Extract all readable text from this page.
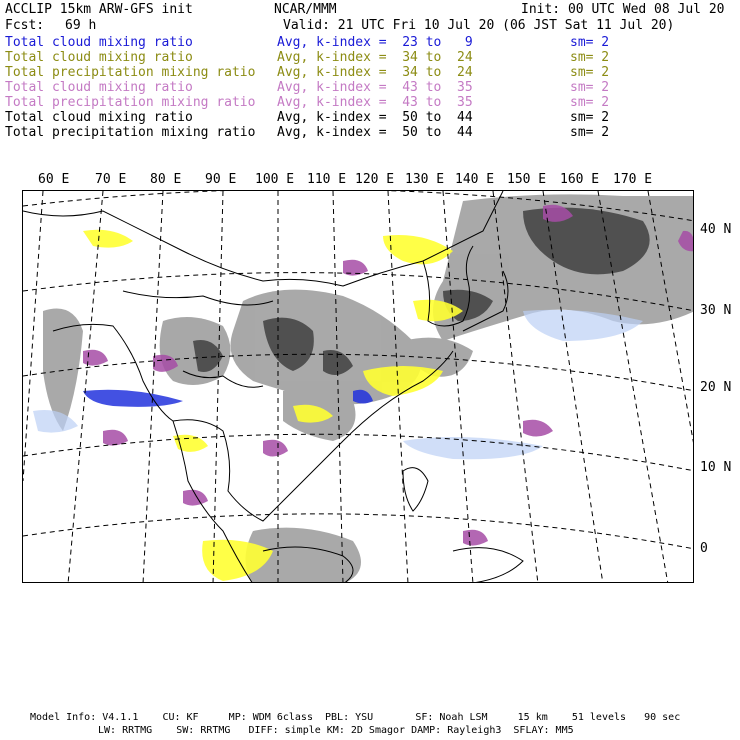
ACCLIP 15km ARW-GFS init	NCAR/MMM	Init: 00 UTC Wed 08 Jul 20
Fcst: 69 h	Valid: 21 UTC Fri 10 Jul 20 (06 JST Sat 11 Jul 20)
Total cloud mixing ratio	Avg, k-index =  23 to   9	sm= 2
Total cloud mixing ratio	Avg, k-index =  34 to  24	sm= 2
Total precipitation mixing ratio Avg, k-index =  34 to  24	sm= 2
Total cloud mixing ratio	Avg, k-index =  43 to  35	sm= 2
Total precipitation mixing ratio Avg, k-index =  43 to  35	sm= 2
Total cloud mixing ratio	Avg, k-index =  50 to  44	sm= 2
Total precipitation mixing ratio Avg, k-index =  50 to  44	sm= 2
60 E 70 E 80 E 90 E 100 E 110 E 120 E 130 E 140 E 150 E 160 E 170 E
40 N
30 N
20 N
10 N
0
Model Info: V4.1.1    CU: KF     MP: WDM 6class  PBL: YSU       SF: Noah LSM     15 km    51 levels   90 sec
LW: RRTMG    SW: RRTMG   DIFF: simple KM: 2D Smagor DAMP: Rayleigh3  SFLAY: MM5
